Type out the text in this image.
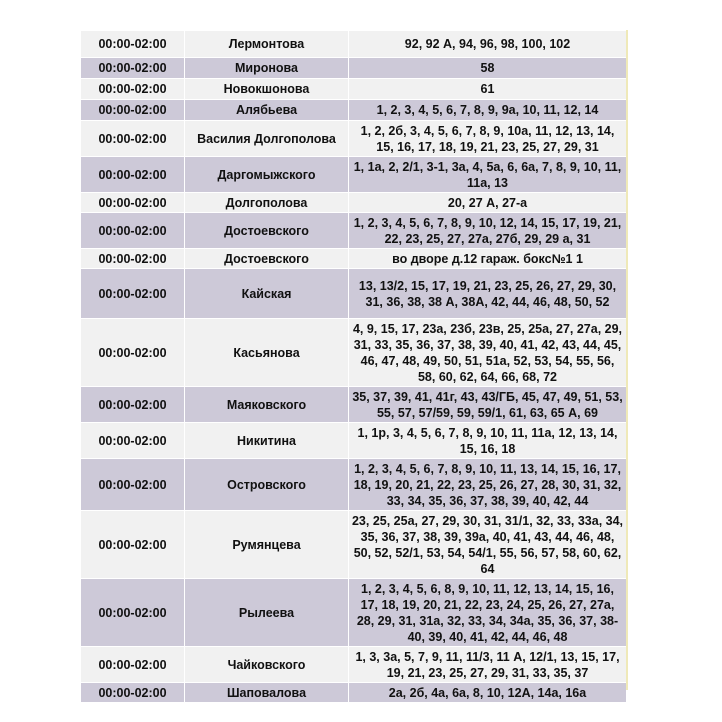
00:00-02:00	Лермонтова	92, 92 А, 94, 96, 98, 100, 102
00:00-02:00	Миронова	58
00:00-02:00	Новокшонова	61
00:00-02:00	Алябьева	1, 2, 3, 4, 5, 6, 7, 8, 9, 9а, 10, 11, 12, 14
00:00-02:00	Василия Долгополова	1, 2, 2б, 3, 4, 5, 6, 7, 8, 9, 10а, 11, 12, 13, 14, 15, 16, 17, 18, 19, 21, 23, 25, 27, 29, 31
00:00-02:00	Даргомыжского	1, 1а, 2, 2/1, 3-1, 3а, 4, 5а, 6, 6а, 7, 8, 9, 10, 11, 11а, 13
00:00-02:00	Долгополова	20, 27 А, 27-а
00:00-02:00	Достоевского	1, 2, 3, 4, 5, 6, 7, 8, 9, 10, 12, 14, 15, 17, 19, 21, 22, 23, 25, 27, 27а, 27б, 29, 29 а, 31
00:00-02:00	Достоевского	во дворе д.12 гараж. бокс№1 1
00:00-02:00	Кайская	13, 13/2, 15, 17, 19, 21, 23, 25, 26, 27, 29, 30, 31, 36, 38, 38 А, 38А, 42, 44, 46, 48, 50, 52
00:00-02:00	Касьянова	4, 9, 15, 17, 23а, 23б, 23в, 25, 25а, 27, 27а, 29, 31, 33, 35, 36, 37, 38, 39, 40, 41, 42, 43, 44, 45, 46, 47, 48, 49, 50, 51, 51а, 52, 53, 54, 55, 56, 58, 60, 62, 64, 66, 68, 72
00:00-02:00	Маяковского	35, 37, 39, 41, 41г, 43, 43/ГБ, 45, 47, 49, 51, 53, 55, 57, 57/59, 59, 59/1, 61, 63, 65 А, 69
00:00-02:00	Никитина	1, 1р, 3, 4, 5, 6, 7, 8, 9, 10, 11, 11а, 12, 13, 14, 15, 16, 18
00:00-02:00	Островского	1, 2, 3, 4, 5, 6, 7, 8, 9, 10, 11, 13, 14, 15, 16, 17, 18, 19, 20, 21, 22, 23, 25, 26, 27, 28, 30, 31, 32, 33, 34, 35, 36, 37, 38, 39, 40, 42, 44
00:00-02:00	Румянцева	23, 25, 25а, 27, 29, 30, 31, 31/1, 32, 33, 33а, 34, 35, 36, 37, 38, 39, 39а, 40, 41, 43, 44, 46, 48, 50, 52, 52/1, 53, 54, 54/1, 55, 56, 57, 58, 60, 62, 64
00:00-02:00	Рылеева	1, 2, 3, 4, 5, 6, 8, 9, 10, 11, 12, 13, 14, 15, 16, 17, 18, 19, 20, 21, 22, 23, 24, 25, 26, 27, 27а, 28, 29, 31, 31а, 32, 33, 34, 34а, 35, 36, 37, 38-40, 39, 40, 41, 42, 44, 46, 48
00:00-02:00	Чайковского	1, 3, 3а, 5, 7, 9, 11, 11/3, 11 А, 12/1, 13, 15, 17, 19, 21, 23, 25, 27, 29, 31, 33, 35, 37
00:00-02:00	Шаповалова	2а, 2б, 4а, 6а, 8, 10, 12А, 14а, 16а
